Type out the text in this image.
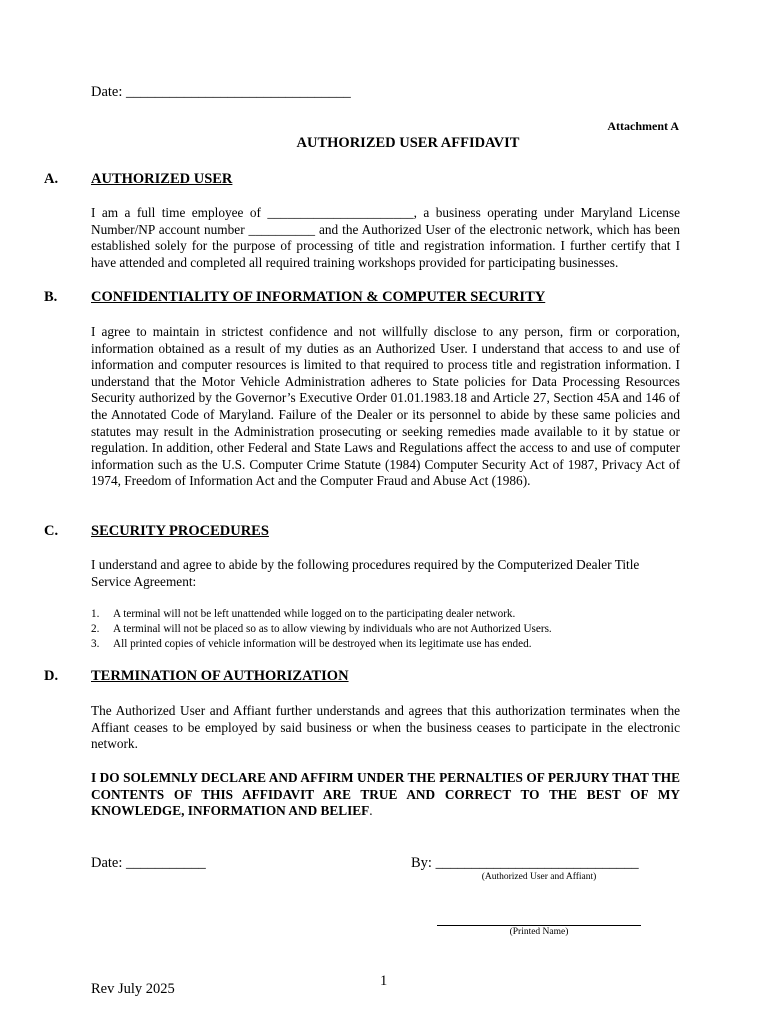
Date: _______________________________
Attachment A
AUTHORIZED USER AFFIDAVIT
A. AUTHORIZED USER

I am a full time employee of ______________________, a business operating under Maryland License Number/NP account number __________ and the Authorized User of the electronic network, which has been established solely for the purpose of processing of title and registration information. I further certify that I have attended and completed all required training workshops provided for participating businesses.

B. CONFIDENTIALITY OF INFORMATION & COMPUTER SECURITY

I agree to maintain in strictest confidence and not willfully disclose to any person, firm or corporation, information obtained as a result of my duties as an Authorized User. I understand that access to and use of information and computer resources is limited to that required to process title and registration information. I understand that the Motor Vehicle Administration adheres to State policies for Data Processing Resources Security authorized by the Governor’s Executive Order 01.01.1983.18 and Article 27, Section 45A and 146 of the Annotated Code of Maryland. Failure of the Dealer or its personnel to abide by these same policies and statutes may result in the Administration prosecuting or seeking remedies made available to it by statue or regulation. In addition, other Federal and State Laws and Regulations affect the access to and use of computer information such as the U.S. Computer Crime Statute (1984) Computer Security Act of 1987, Privacy Act of 1974, Freedom of Information Act and the Computer Fraud and Abuse Act (1986).

C. SECURITY PROCEDURES

I understand and agree to abide by the following procedures required by the Computerized Dealer Title Service Agreement:

1. A terminal will not be left unattended while logged on to the participating dealer network.
2. A terminal will not be placed so as to allow viewing by individuals who are not Authorized Users.
3. All printed copies of vehicle information will be destroyed when its legitimate use has ended.
D. TERMINATION OF AUTHORIZATION

The Authorized User and Affiant further understands and agrees that this authorization terminates when the Affiant ceases to be employed by said business or when the business ceases to participate in the electronic network.

I DO SOLEMNLY DECLARE AND AFFIRM UNDER THE PERNALTIES OF PERJURY THAT THE CONTENTS OF THIS AFFIDAVIT ARE TRUE AND CORRECT TO THE BEST OF MY KNOWLEDGE, INFORMATION AND BELIEF.

Date: ___________	By: ____________________________
(Authorized User and Affiant)
(Printed Name)
Rev July 2025	1
